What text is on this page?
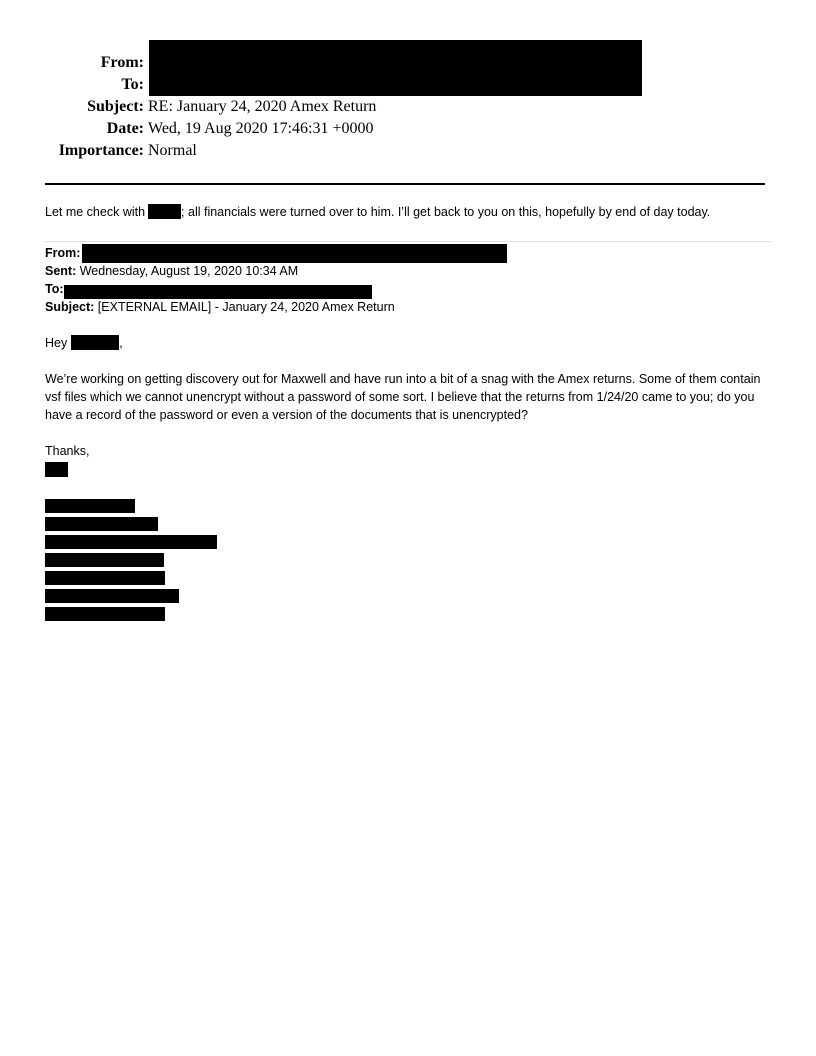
From:
To:
Subject: RE: January 24, 2020 Amex Return
Date: Wed, 19 Aug 2020 17:46:31 +0000
Importance: Normal
Let me check with	; all financials were turned over to him. I’ll get back to you on this, hopefully by end of day today.
From:
Sent: Wednesday, August 19, 2020 10:34 AM
To:
Subject: [EXTERNAL EMAIL] - January 24, 2020 Amex Return
Hey	,
We’re working on getting discovery out for Maxwell and have run into a bit of a snag with the Amex returns. Some of them contain vsf files which we cannot unencrypt without a password of some sort. I believe that the returns from 1/24/20 came to you; do you have a record of the password or even a version of the documents that is unencrypted?
Thanks,
